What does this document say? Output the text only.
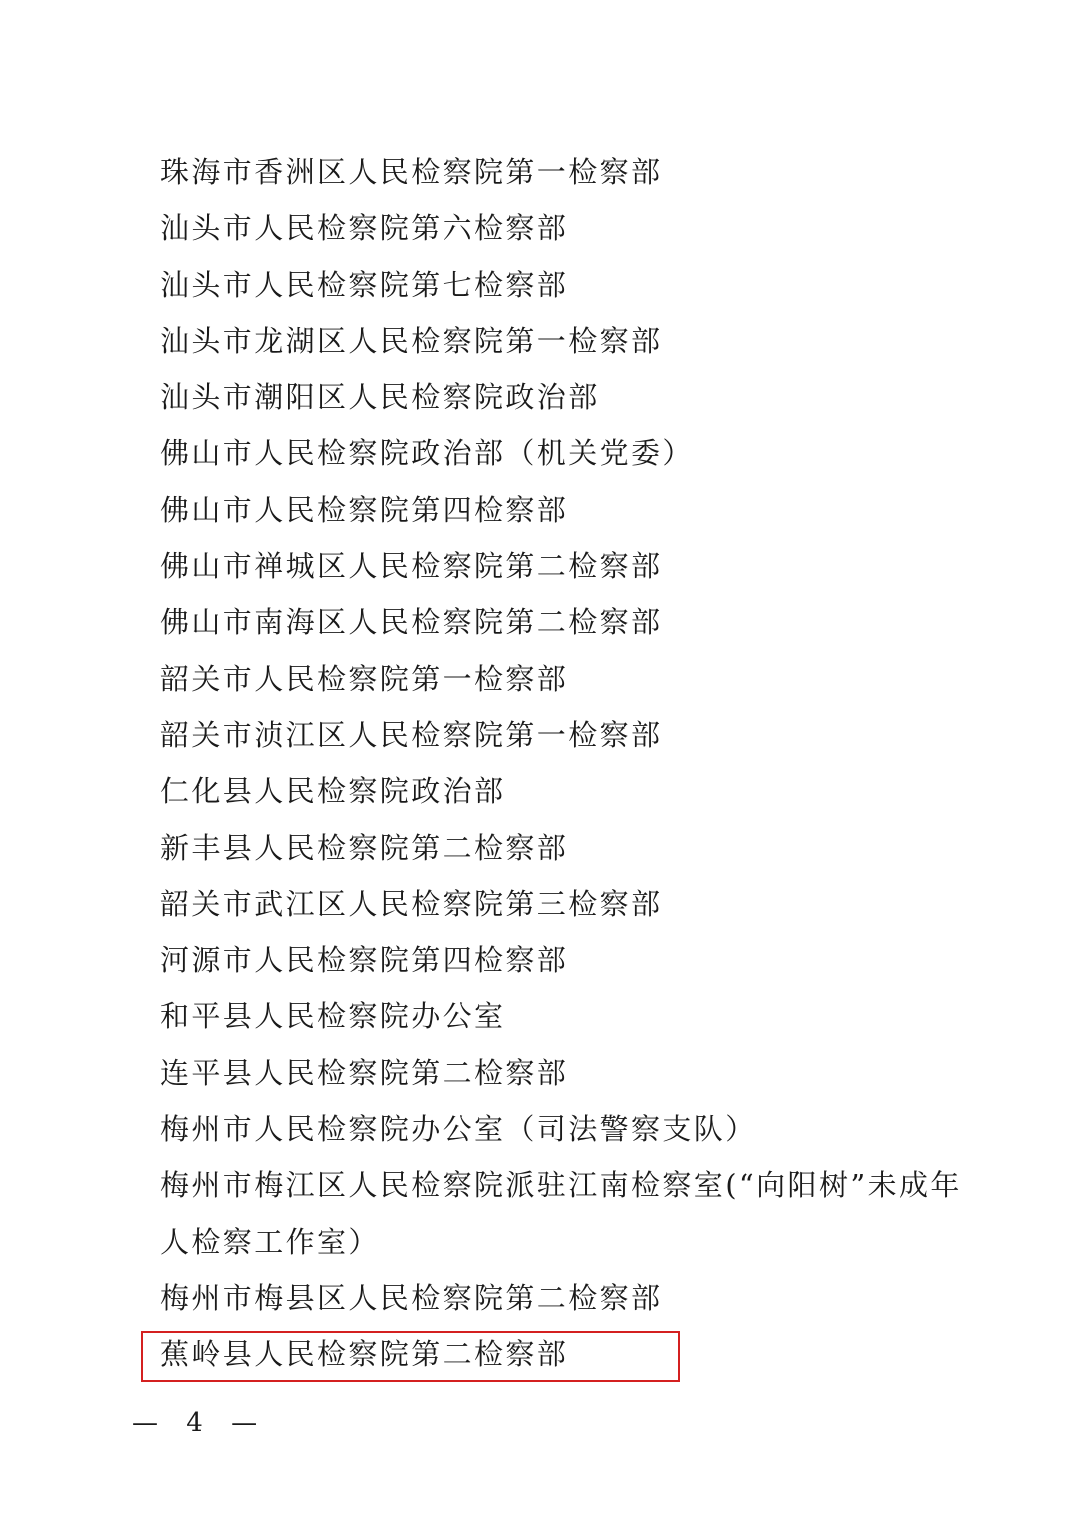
珠海市香洲区人民检察院第一检察部
汕头市人民检察院第六检察部
汕头市人民检察院第七检察部
汕头市龙湖区人民检察院第一检察部
汕头市潮阳区人民检察院政治部
佛山市人民检察院政治部（机关党委）
佛山市人民检察院第四检察部
佛山市禅城区人民检察院第二检察部
佛山市南海区人民检察院第二检察部
韶关市人民检察院第一检察部
韶关市浈江区人民检察院第一检察部
仁化县人民检察院政治部
新丰县人民检察院第二检察部
韶关市武江区人民检察院第三检察部
河源市人民检察院第四检察部
和平县人民检察院办公室
连平县人民检察院第二检察部
梅州市人民检察院办公室（司法警察支队）
梅州市梅江区人民检察院派驻江南检察室(“向阳树”未成年
人检察工作室）
梅州市梅县区人民检察院第二检察部
蕉岭县人民检察院第二检察部
— 4 —
